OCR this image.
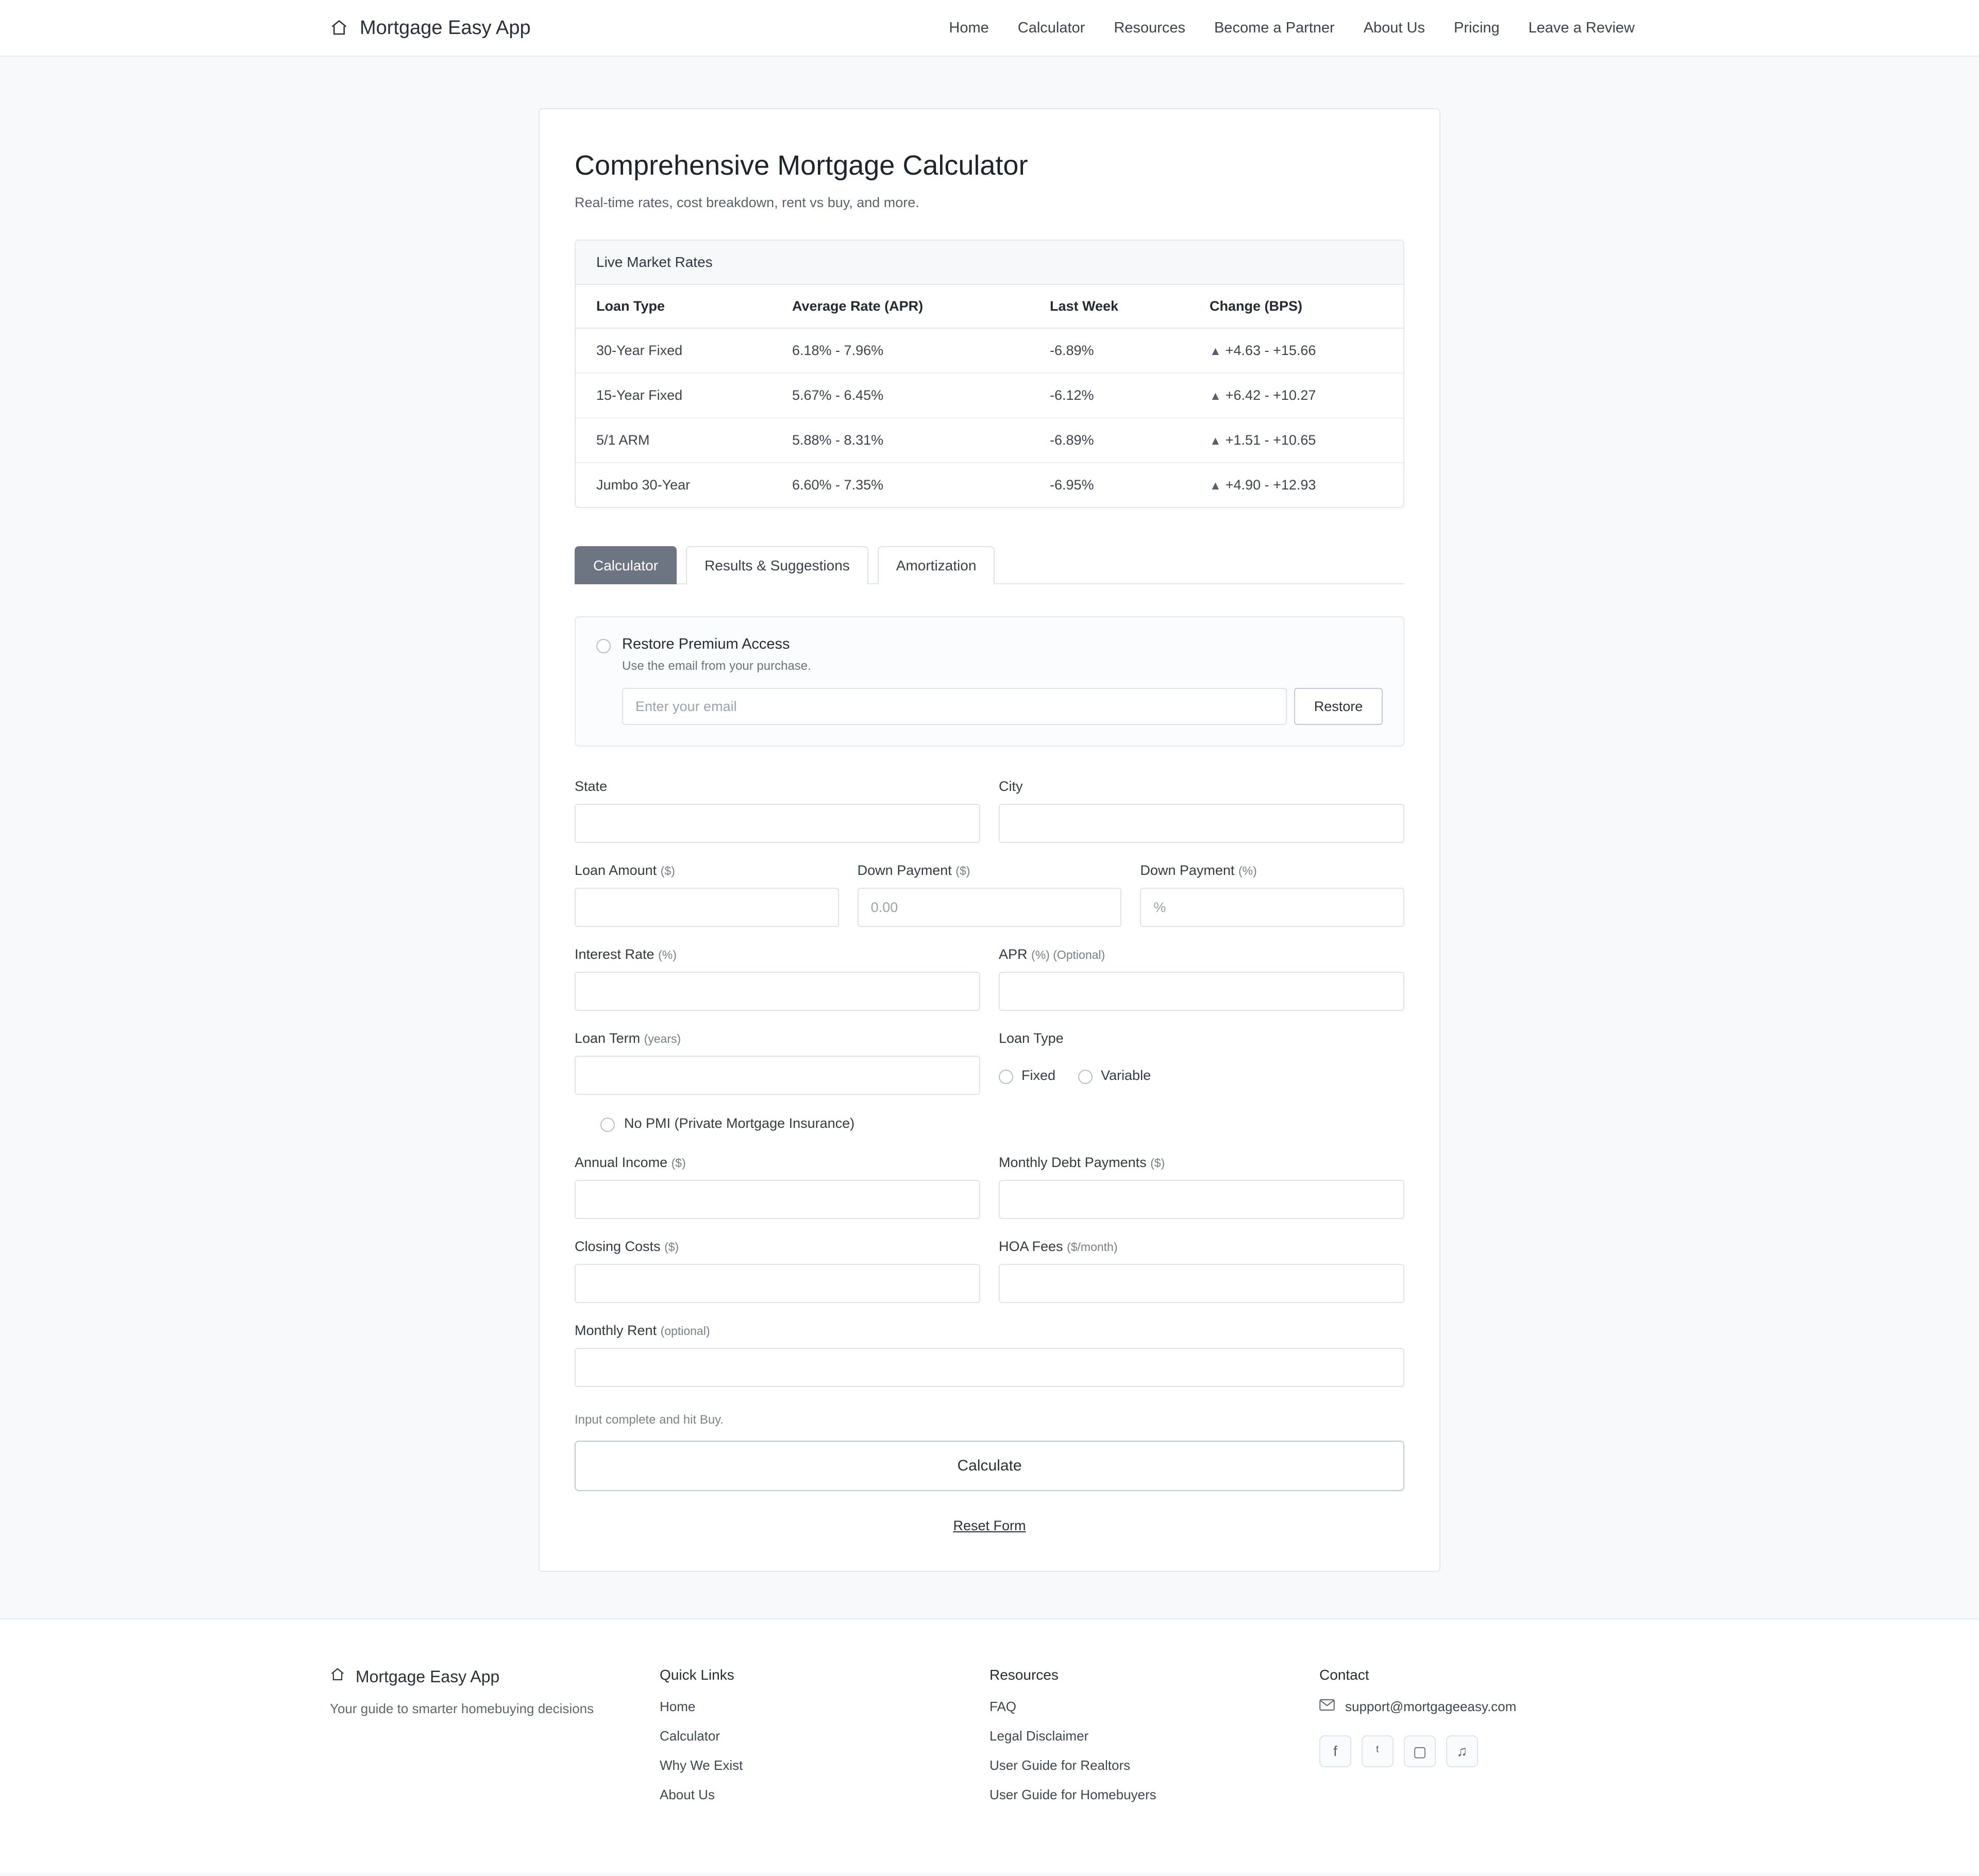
Mortgage Easy App	Home	Calculator	Resources	Become a Partner	About Us	Pricing	Leave a Review
Comprehensive Mortgage Calculator

Real-time rates, cost breakdown, rent vs buy, and more.

Live Market Rates
Loan Type	Average Rate (APR)	Last Week	Change (BPS)
30-Year Fixed	6.18% - 7.96%	-6.89%	▲ +4.63 - +15.66
15-Year Fixed	5.67% - 6.45%	-6.12%	▲ +6.42 - +10.27
5/1 ARM	5.88% - 8.31%	-6.89%	▲ +1.51 - +10.65
Jumbo 30-Year	6.60% - 7.35%	-6.95%	▲ +4.90 - +12.93
Calculator	Results & Suggestions	Amortization
Restore Premium Access
Use the email from your purchase.
Enter your email
Restore
State	City
Loan Amount ($)	Down Payment ($)
0.00	Down Payment (%)
%
Interest Rate (%)	APR (%) (Optional)
Loan Term (years)	Loan Type
Fixed	Variable
No PMI (Private Mortgage Insurance)
Annual Income ($)	Monthly Debt Payments ($)
Closing Costs ($)	HOA Fees ($/month)
Monthly Rent (optional)
Input complete and hit Buy.
Calculate
Reset Form
Mortgage Easy App
Your guide to smarter homebuying decisions
Quick Links
Home
Calculator
Why We Exist
About Us
Resources
FAQ
Legal Disclaimer
User Guide for Realtors
User Guide for Homebuyers
Contact
support@mortgageeasy.com
f	ᵗ	▢	♫
